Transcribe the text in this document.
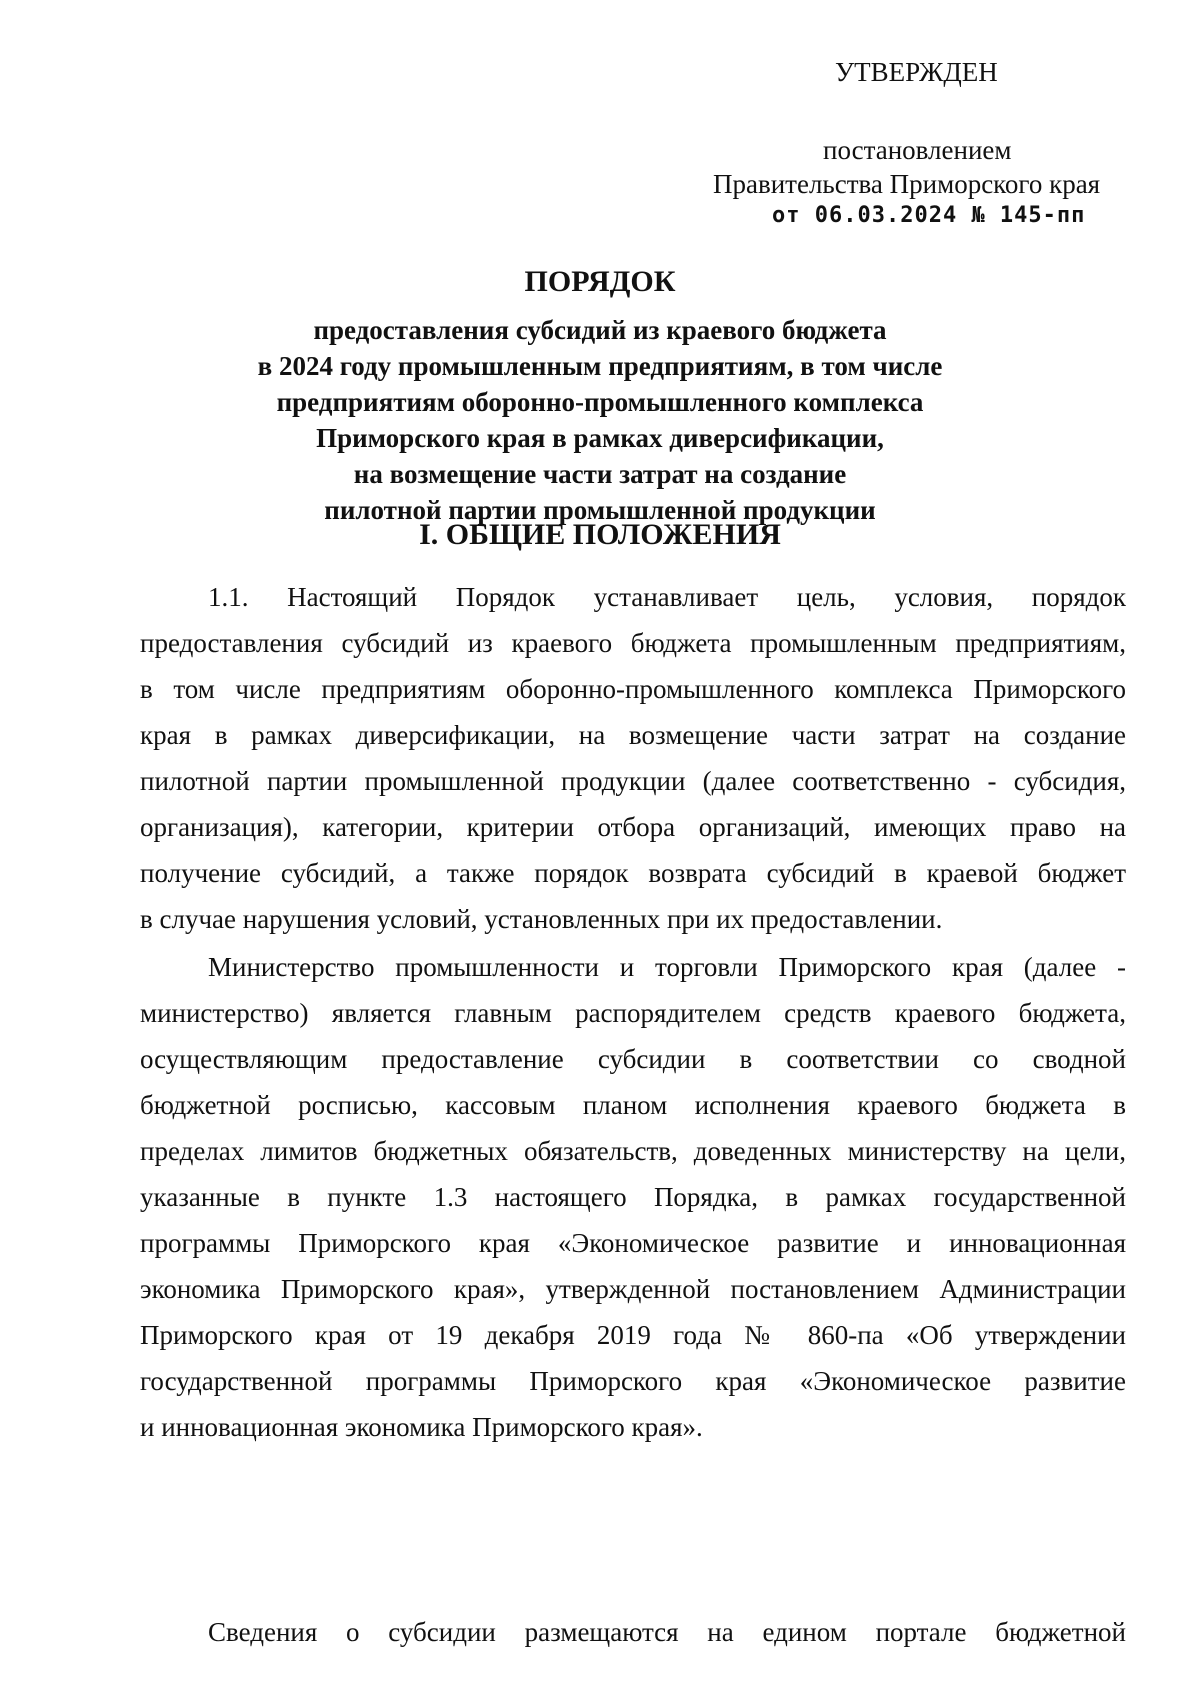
УТВЕРЖДЕН
постановлением
Правительства Приморского края
от 06.03.2024 № 145-пп
ПОРЯДОК
предоставления субсидий из краевого бюджета
в 2024 году промышленным предприятиям, в том числе
предприятиям оборонно-промышленного комплекса
Приморского края в рамках диверсификации,
на возмещение части затрат на создание
пилотной партии промышленной продукции
I. ОБЩИЕ ПОЛОЖЕНИЯ
1.1. Настоящий Порядок устанавливает цель, условия, порядок
предоставления субсидий из краевого бюджета промышленным предприятиям,
в том числе предприятиям оборонно-промышленного комплекса Приморского
края в рамках диверсификации, на возмещение части затрат на создание
пилотной партии промышленной продукции (далее соответственно - субсидия,
организация), категории, критерии отбора организаций, имеющих право на
получение субсидий, а также порядок возврата субсидий в краевой бюджет
в случае нарушения условий, установленных при их предоставлении.
Министерство промышленности и торговли Приморского края (далее -
министерство) является главным распорядителем средств краевого бюджета,
осуществляющим предоставление субсидии в соответствии со сводной
бюджетной росписью, кассовым планом исполнения краевого бюджета в
пределах лимитов бюджетных обязательств, доведенных министерству на цели,
указанные в пункте 1.3 настоящего Порядка, в рамках государственной
программы Приморского края «Экономическое развитие и инновационная
экономика Приморского края», утвержденной постановлением Администрации
Приморского края от 19 декабря 2019 года № 860-па «Об утверждении
государственной программы Приморского края «Экономическое развитие
и инновационная экономика Приморского края».
Сведения о субсидии размещаются на едином портале бюджетной
